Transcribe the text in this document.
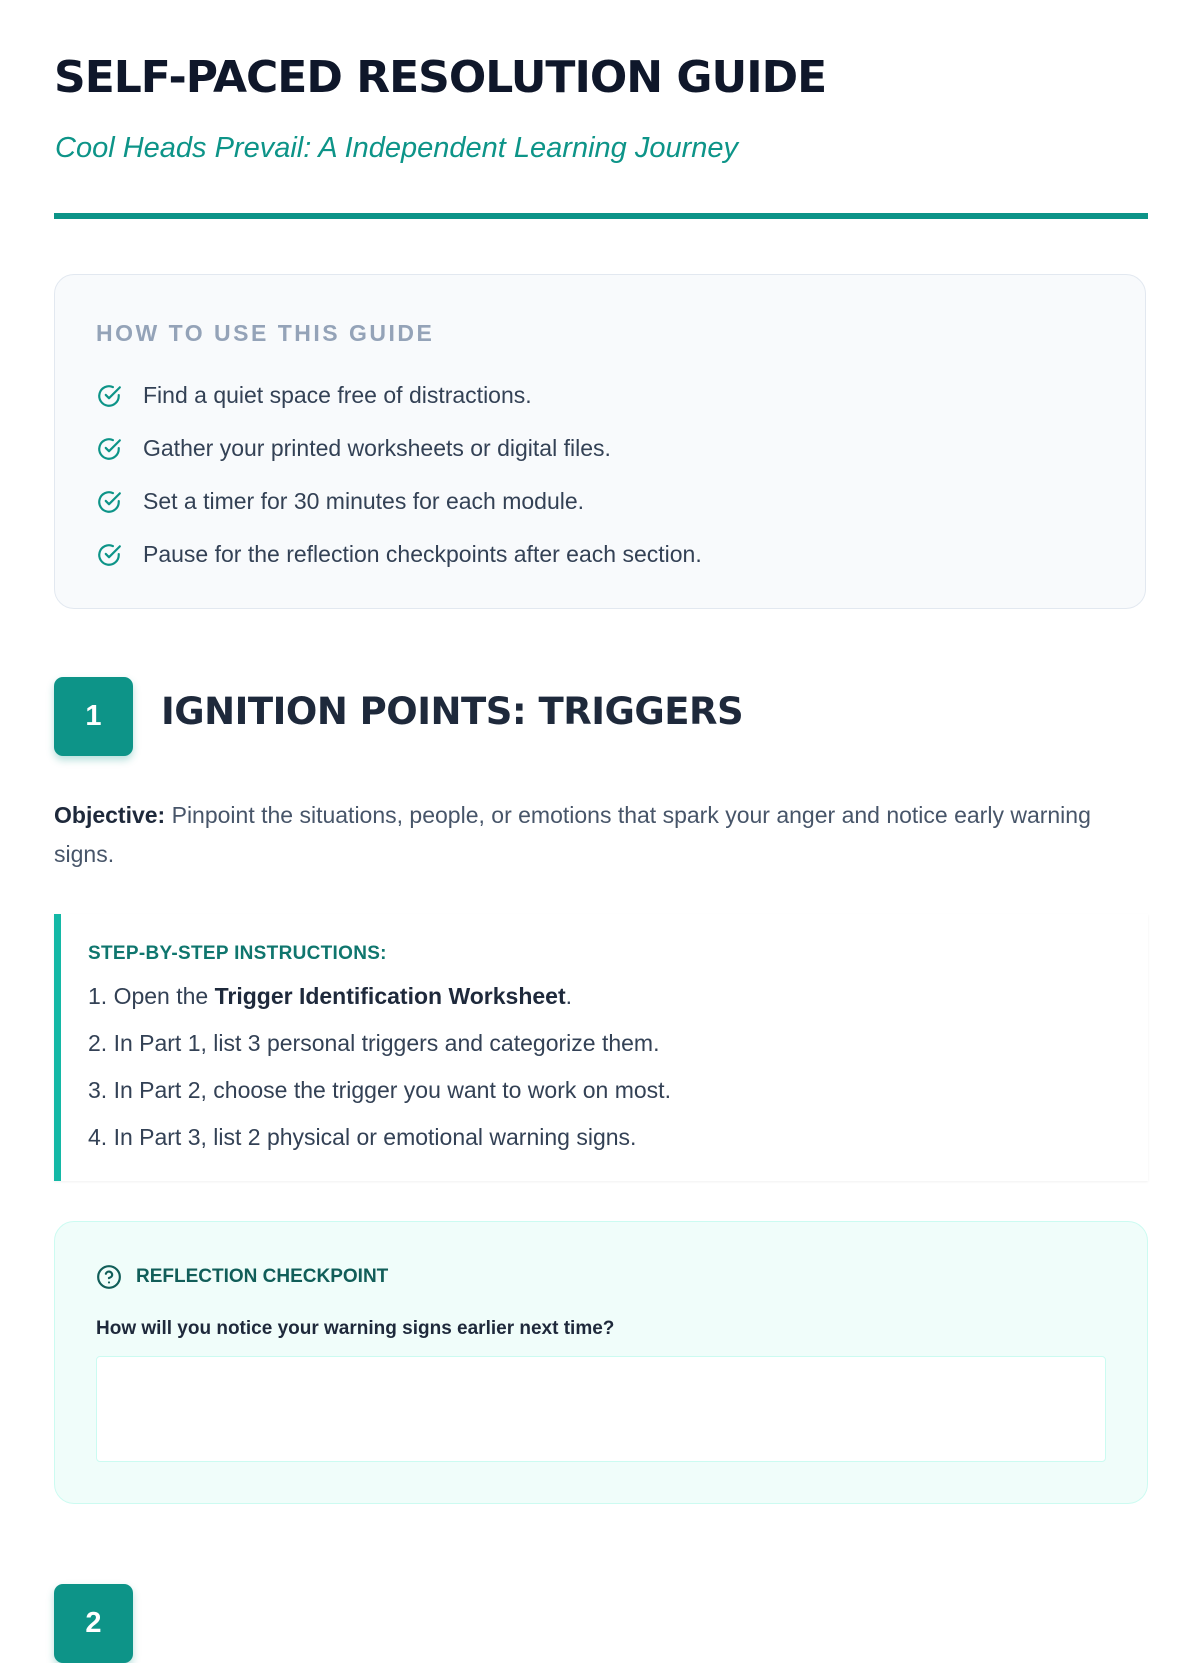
SELF-PACED RESOLUTION GUIDE

Cool Heads Prevail: A Independent Learning Journey

HOW TO USE THIS GUIDE
Find a quiet space free of distractions.
Gather your printed worksheets or digital files.
Set a timer for 30 minutes for each module.
Pause for the reflection checkpoints after each section.
1	IGNITION POINTS: TRIGGERS

Objective: Pinpoint the situations, people, or emotions that spark your anger and notice early warning signs.

STEP-BY-STEP INSTRUCTIONS:
1. Open the Trigger Identification Worksheet.
2. In Part 1, list 3 personal triggers and categorize them.
3. In Part 2, choose the trigger you want to work on most.
4. In Part 3, list 2 physical or emotional warning signs.
REFLECTION CHECKPOINT

How will you notice your warning signs earlier next time?

2
